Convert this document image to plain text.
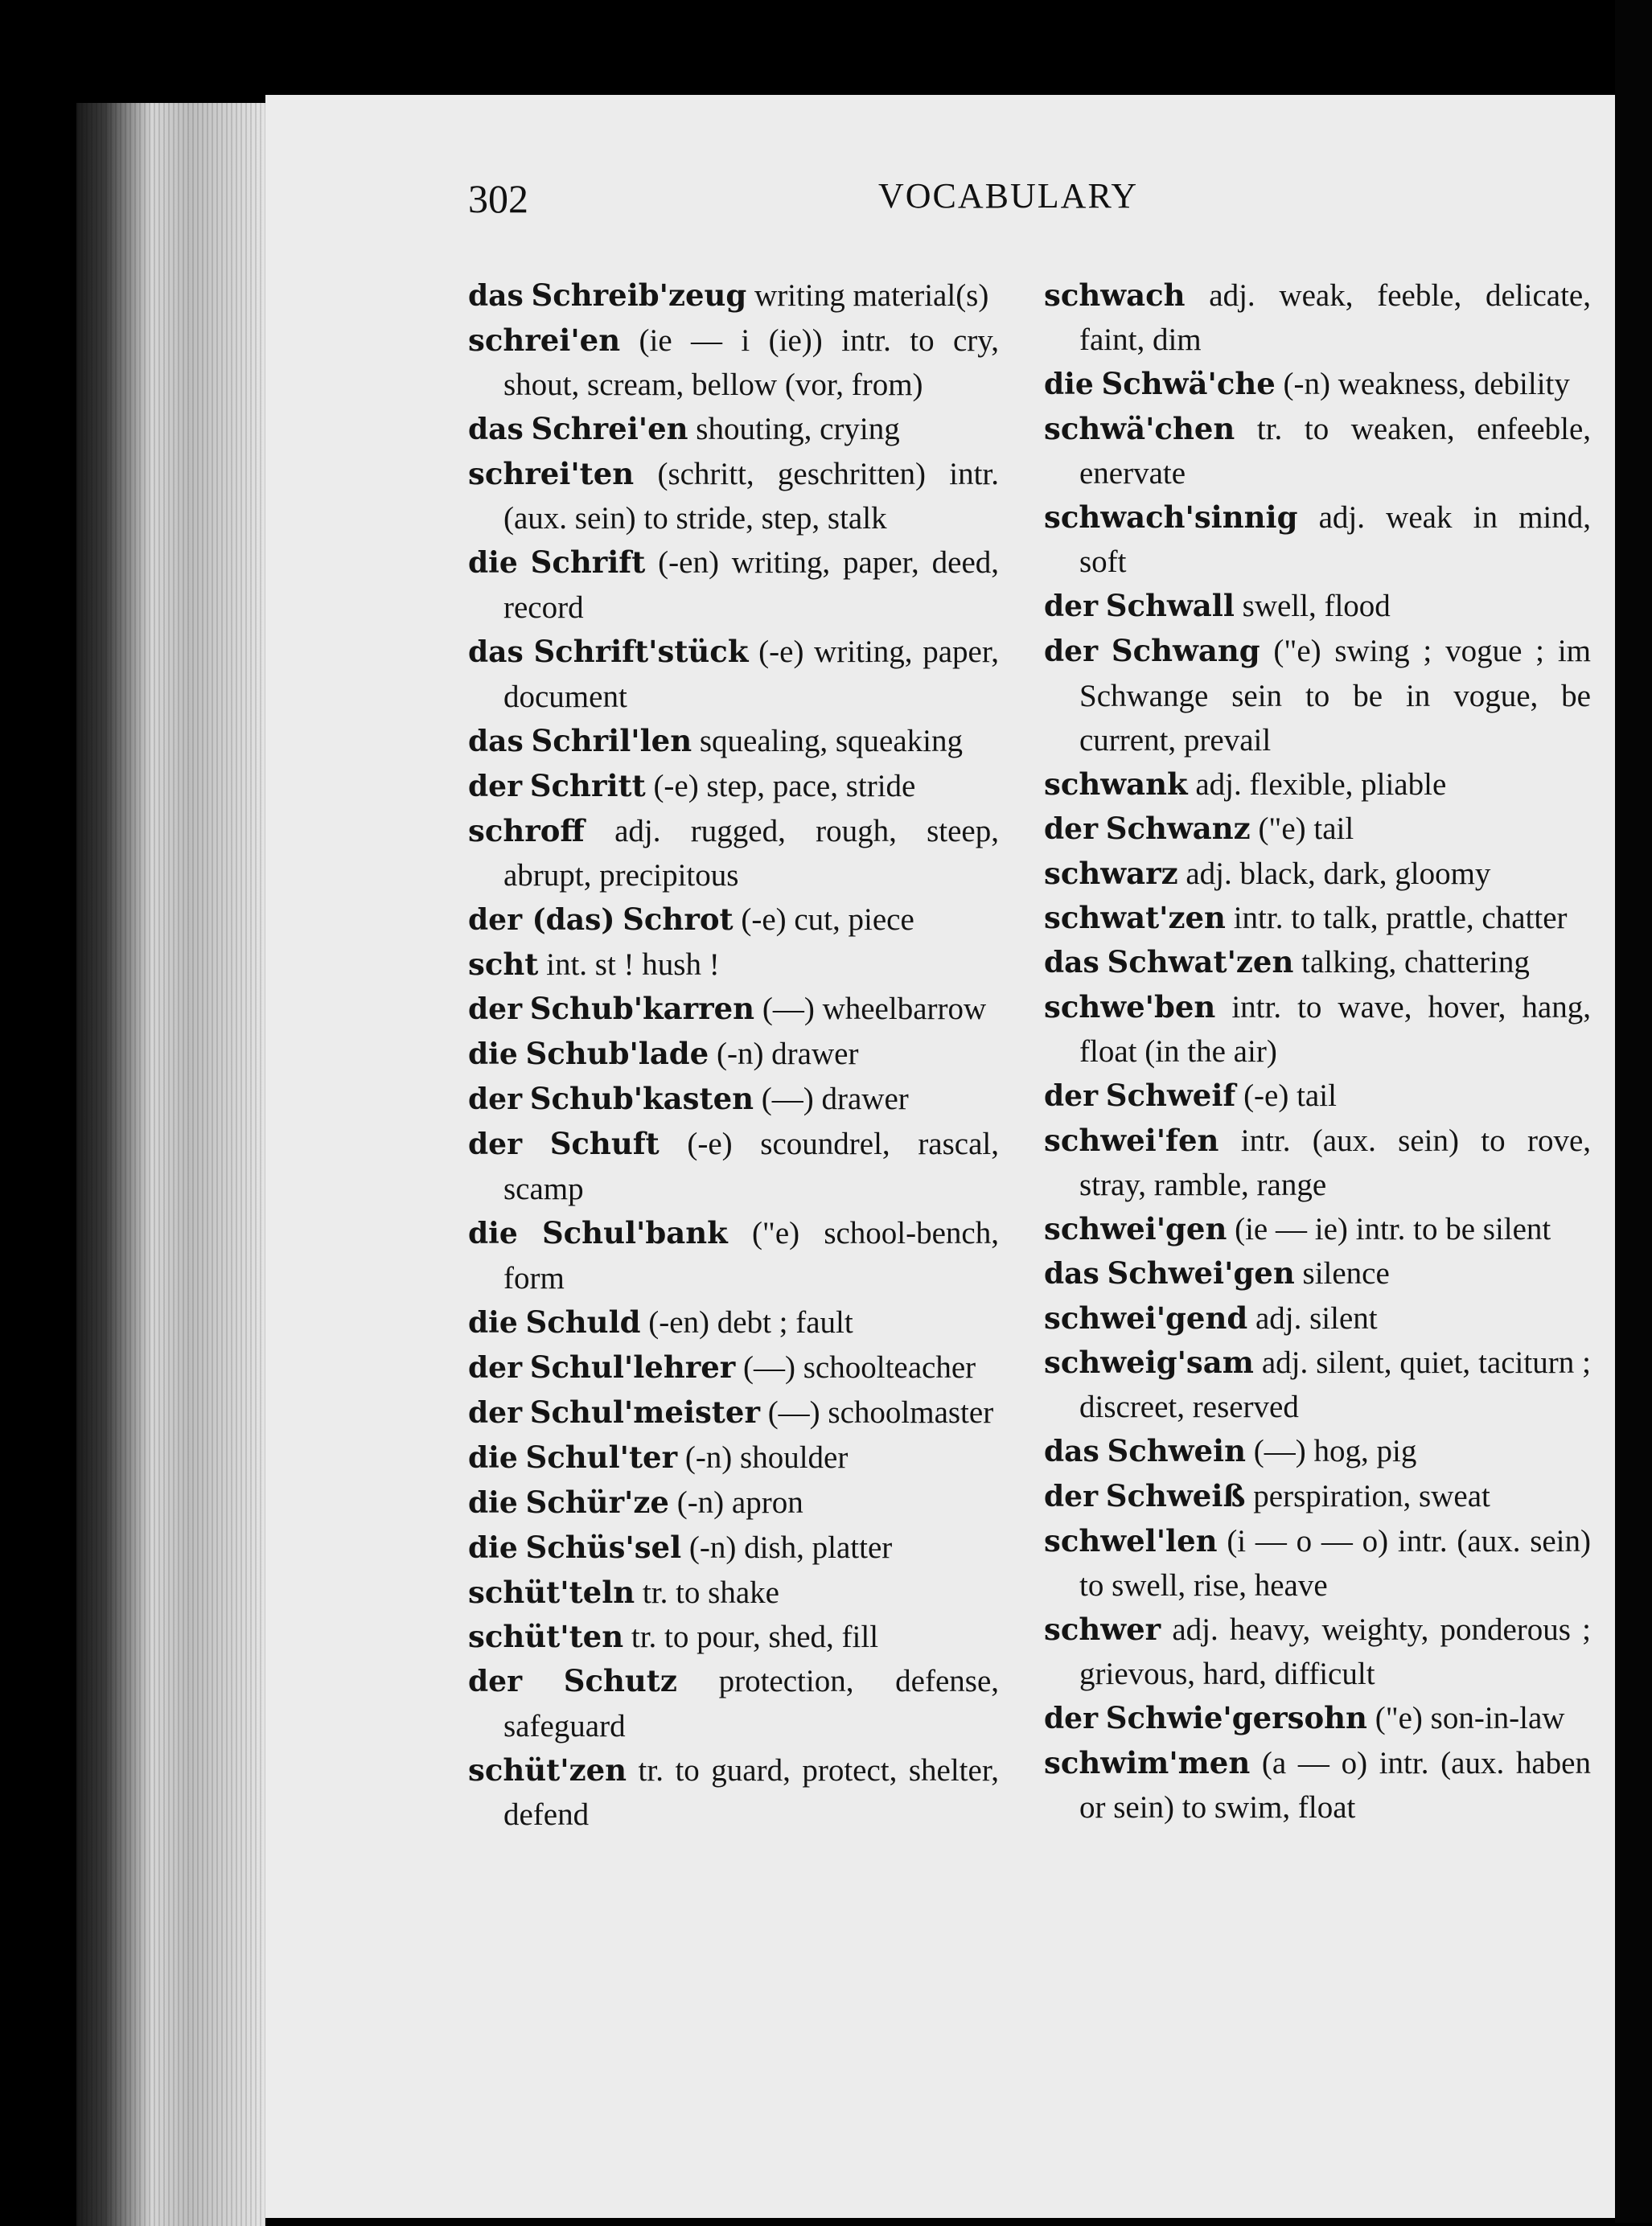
302	VOCABULARY

das Schreib'zeug writing material(s)

schrei'en (ie — i (ie)) intr. to cry, shout, scream, bellow (vor, from)

das Schrei'en shouting, crying

schrei'ten (schritt, geschritten) intr. (aux. sein) to stride, step, stalk

die Schrift (-en) writing, paper, deed, record

das Schrift'stück (-e) writing, paper, document

das Schril'len squealing, squeaking

der Schritt (-e) step, pace, stride

schroff adj. rugged, rough, steep, abrupt, precipitous

der (das) Schrot (-e) cut, piece

scht int. st ! hush !

der Schub'karren (—) wheelbarrow

die Schub'lade (-n) drawer

der Schub'kasten (—) drawer

der Schuft (-e) scoundrel, rascal, scamp

die Schul'bank ("e) school-bench, form

die Schuld (-en) debt ; fault

der Schul'lehrer (—) schoolteacher

der Schul'meister (—) schoolmaster

die Schul'ter (-n) shoulder

die Schür'ze (-n) apron

die Schüs'sel (-n) dish, platter

schüt'teln tr. to shake

schüt'ten tr. to pour, shed, fill

der Schutz protection, defense, safeguard

schüt'zen tr. to guard, protect, shelter, defend

schwach adj. weak, feeble, delicate, faint, dim

die Schwä'che (-n) weakness, debility

schwä'chen tr. to weaken, enfeeble, enervate

schwach'sinnig adj. weak in mind, soft

der Schwall swell, flood

der Schwang ("e) swing ; vogue ; im Schwange sein to be in vogue, be current, prevail

schwank adj. flexible, pliable

der Schwanz ("e) tail

schwarz adj. black, dark, gloomy

schwat'zen intr. to talk, prattle, chatter

das Schwat'zen talking, chattering

schwe'ben intr. to wave, hover, hang, float (in the air)

der Schweif (-e) tail

schwei'fen intr. (aux. sein) to rove, stray, ramble, range

schwei'gen (ie — ie) intr. to be silent

das Schwei'gen silence

schwei'gend adj. silent

schweig'sam adj. silent, quiet, taciturn ; discreet, reserved

das Schwein (—) hog, pig

der Schweiß perspiration, sweat

schwel'len (i — o — o) intr. (aux. sein) to swell, rise, heave

schwer adj. heavy, weighty, ponderous ; grievous, hard, difficult

der Schwie'gersohn ("e) son-in-law

schwim'men (a — o) intr. (aux. haben or sein) to swim, float
